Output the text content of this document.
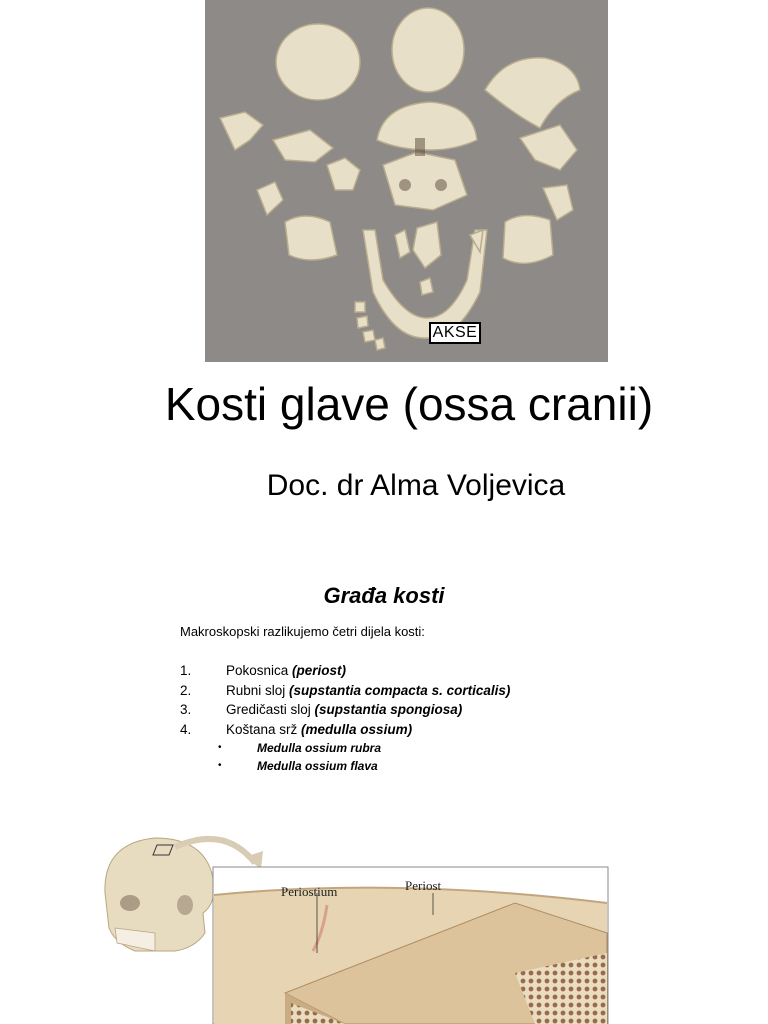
AKSE
Kosti glave (ossa cranii)
Doc. dr Alma Voljevica
Građa kosti
Makroskopski razlikujemo četri dijela kosti:
1.	Pokosnica (periost)
2.	Rubni sloj (supstantia compacta s. corticalis)
3.	Gredičasti sloj (supstantia spongiosa)
4.	Koštana srž (medulla ossium)
•	Medulla ossium rubra
•	Medulla ossium flava
Periostium	Periost
